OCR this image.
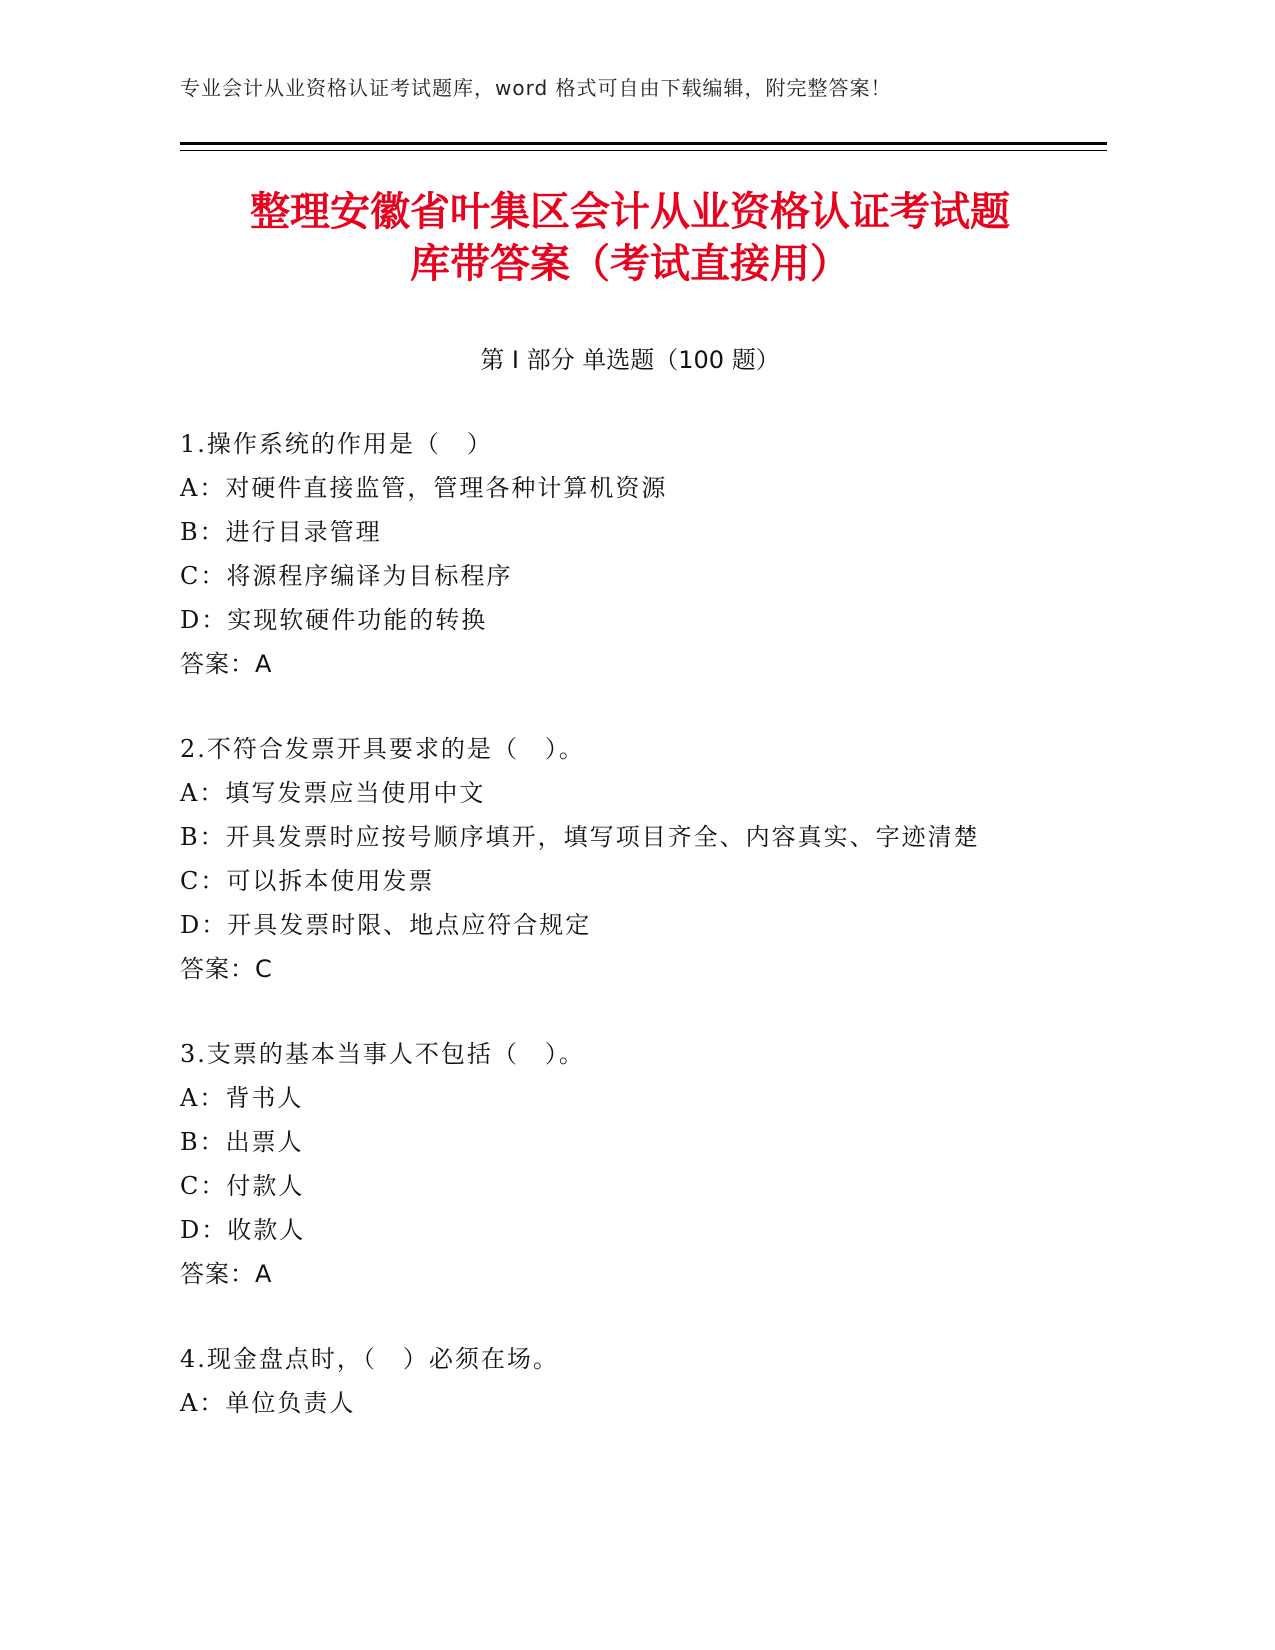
专业会计从业资格认证考试题库，word 格式可自由下载编辑，附完整答案！
整理安徽省叶集区会计从业资格认证考试题
库带答案（考试直接用）
第 I 部分 单选题（100 题）
1.操作系统的作用是（　）
A：对硬件直接监管，管理各种计算机资源
B：进行目录管理
C：将源程序编译为目标程序
D：实现软硬件功能的转换
答案：A
2.不符合发票开具要求的是（　）。
A：填写发票应当使用中文
B：开具发票时应按号顺序填开，填写项目齐全、内容真实、字迹清楚
C：可以拆本使用发票
D：开具发票时限、地点应符合规定
答案：C
3.支票的基本当事人不包括（　）。
A：背书人
B：出票人
C：付款人
D：收款人
答案：A
4.现金盘点时，（　）必须在场。
A：单位负责人
